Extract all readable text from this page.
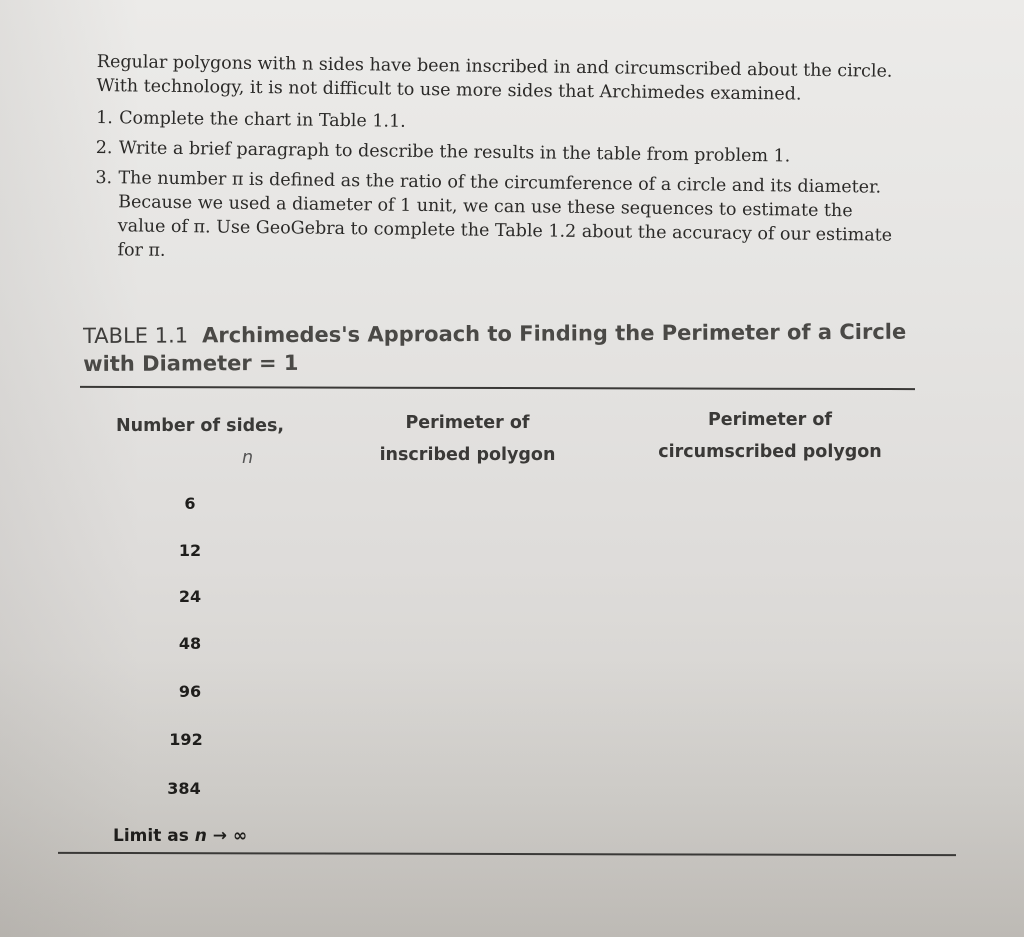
Regular polygons with n sides have been inscribed in and circumscribed about the circle. With technology, it is not difficult to use more sides that Archimedes examined.

1. Complete the chart in Table 1.1.
2. Write a brief paragraph to describe the results in the table from problem 1.
3. The number π is defined as the ratio of the circumference of a circle and its diameter. Because we used a diameter of 1 unit, we can use these sequences to estimate the value of π. Use GeoGebra to complete the Table 1.2 about the accuracy of our estimate for π.
TABLE 1.1 Archimedes's Approach to Finding the Perimeter of a Circle with Diameter = 1
Number of sides,
n
Perimeter of
inscribed polygon
Perimeter of
circumscribed polygon
6
12
24
48
96
192
384
Limit as n → ∞
